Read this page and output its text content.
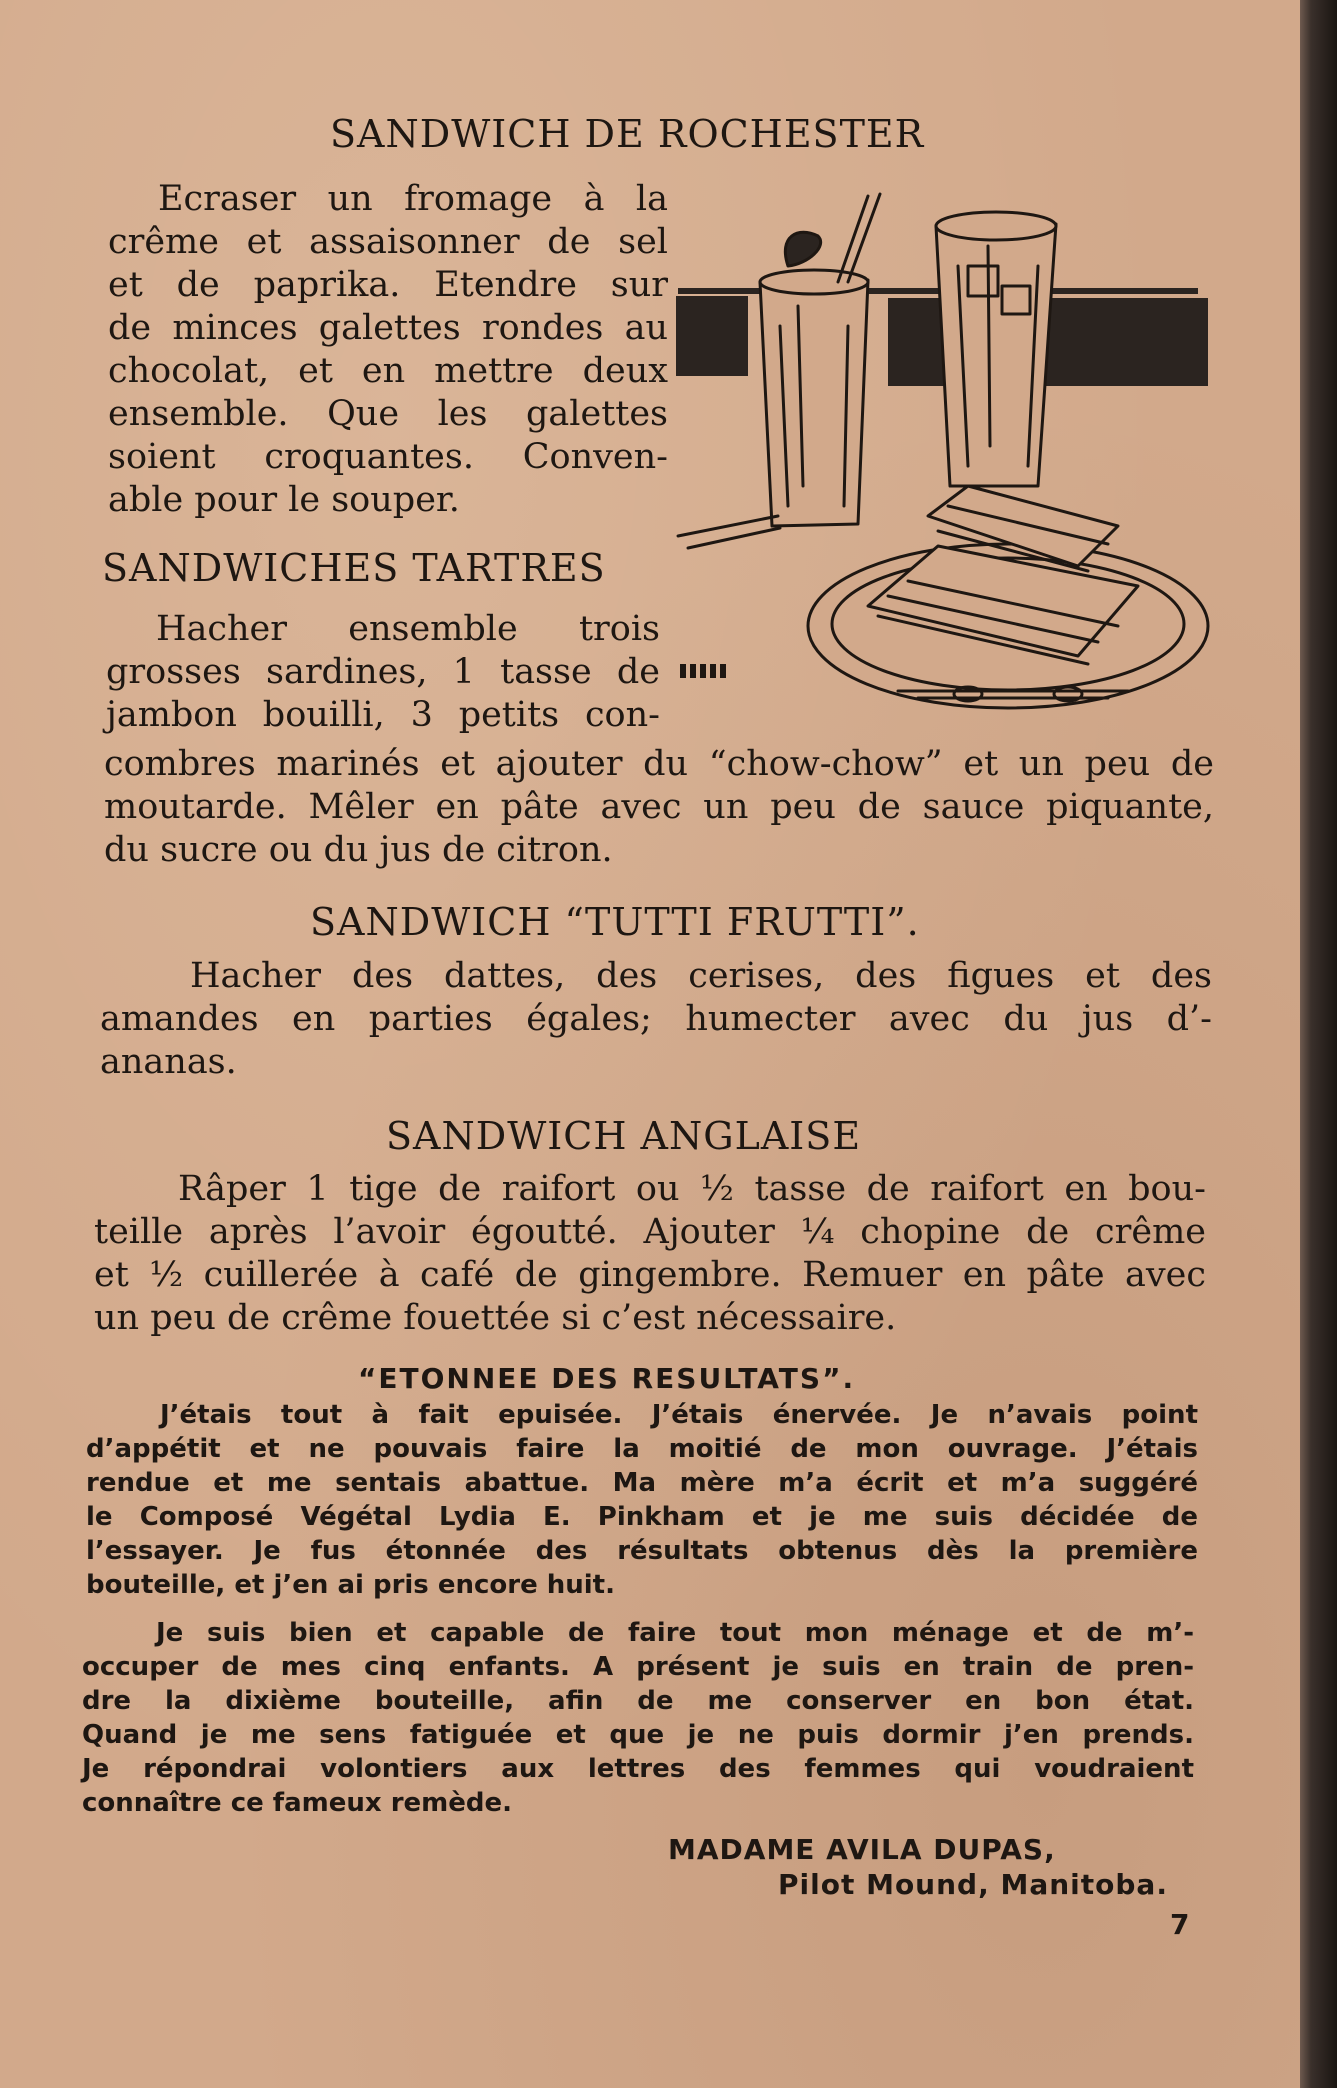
SANDWICH DE ROCHESTER
Ecraser un fromage à la
crême et assaisonner de sel
et de paprika. Etendre sur
de minces galettes rondes au
chocolat, et en mettre deux
ensemble. Que les galettes
soient croquantes. Conven-
able pour le souper.
SANDWICHES TARTRES
Hacher ensemble trois
grosses sardines, 1 tasse de
jambon bouilli, 3 petits con-
combres marinés et ajouter du “chow-chow” et un peu de
moutarde. Mêler en pâte avec un peu de sauce piquante,
du sucre ou du jus de citron.
SANDWICH “TUTTI FRUTTI”.
Hacher des dattes, des cerises, des figues et des
amandes en parties égales; humecter avec du jus d’-
ananas.
SANDWICH ANGLAISE
Râper 1 tige de raifort ou ½ tasse de raifort en bou-
teille après l’avoir égoutté. Ajouter ¼ chopine de crême
et ½ cuillerée à café de gingembre. Remuer en pâte avec
un peu de crême fouettée si c’est nécessaire.
“ETONNEE DES RESULTATS”.
J’étais tout à fait epuisée. J’étais énervée. Je n’avais point
d’appétit et ne pouvais faire la moitié de mon ouvrage. J’étais
rendue et me sentais abattue. Ma mère m’a écrit et m’a suggéré
le Composé Végétal Lydia E. Pinkham et je me suis décidée de
l’essayer. Je fus étonnée des résultats obtenus dès la première
bouteille, et j’en ai pris encore huit.
Je suis bien et capable de faire tout mon ménage et de m’-
occuper de mes cinq enfants. A présent je suis en train de pren-
dre la dixième bouteille, afin de me conserver en bon état.
Quand je me sens fatiguée et que je ne puis dormir j’en prends.
Je répondrai volontiers aux lettres des femmes qui voudraient
connaître ce fameux remède.
MADAME AVILA DUPAS,
Pilot Mound, Manitoba.
7
